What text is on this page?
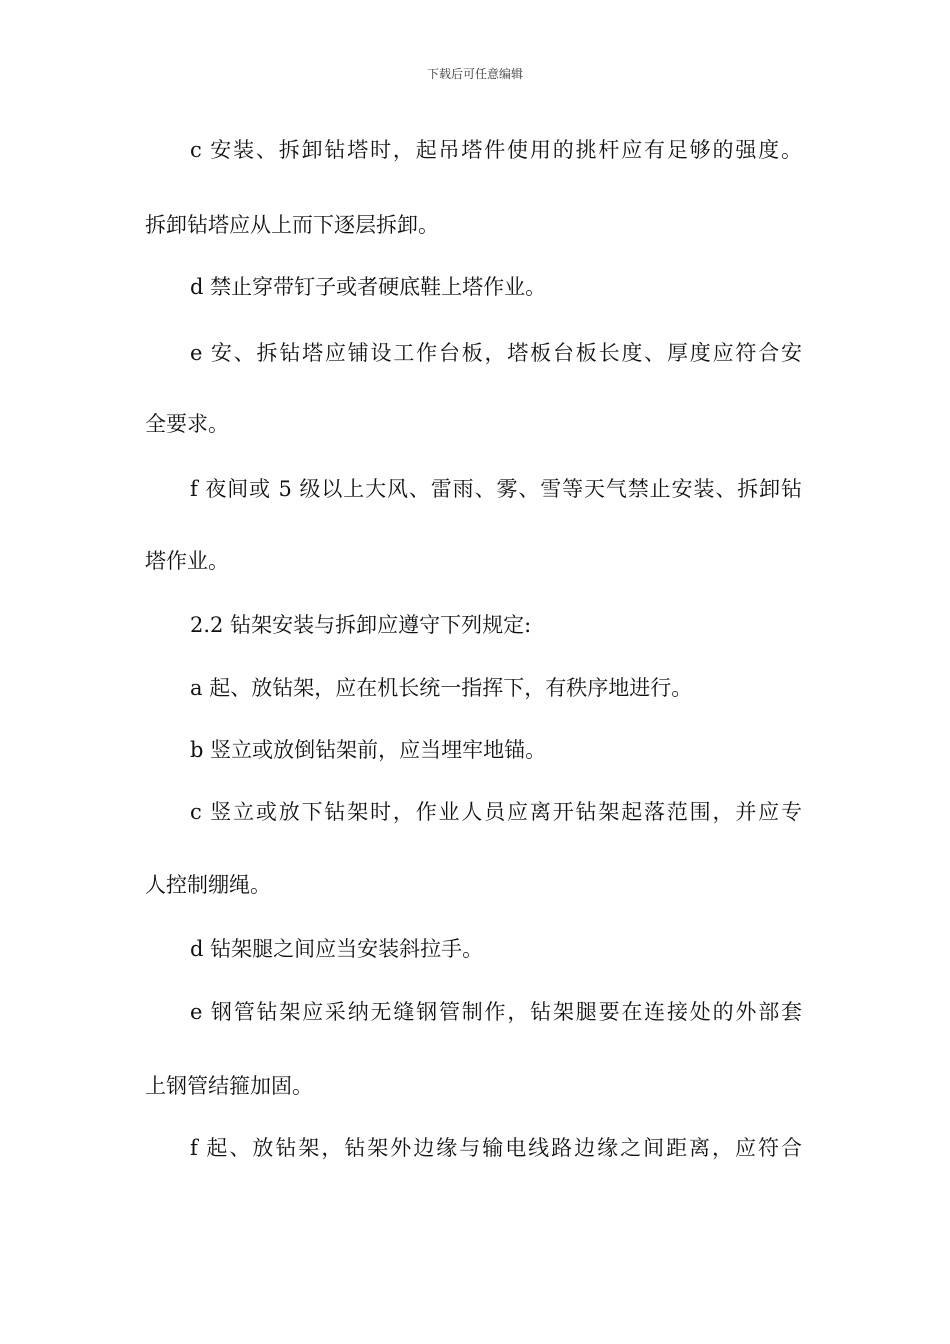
下载后可任意编辑
c 安装、拆卸钻塔时，起吊塔件使用的挑杆应有足够的强度。
拆卸钻塔应从上而下逐层拆卸。
d 禁止穿带钉子或者硬底鞋上塔作业。
e 安、拆钻塔应铺设工作台板，塔板台板长度、厚度应符合安
全要求。
f 夜间或 5 级以上大风、雷雨、雾、雪等天气禁止安装、拆卸钻
塔作业。
2.2 钻架安装与拆卸应遵守下列规定:
a 起、放钻架，应在机长统一指挥下，有秩序地进行。
b 竖立或放倒钻架前，应当埋牢地锚。
c 竖立或放下钻架时，作业人员应离开钻架起落范围，并应专
人控制绷绳。
d 钻架腿之间应当安装斜拉手。
e 钢管钻架应采纳无缝钢管制作，钻架腿要在连接处的外部套
上钢管结箍加固。
f 起、放钻架，钻架外边缘与输电线路边缘之间距离，应符合
